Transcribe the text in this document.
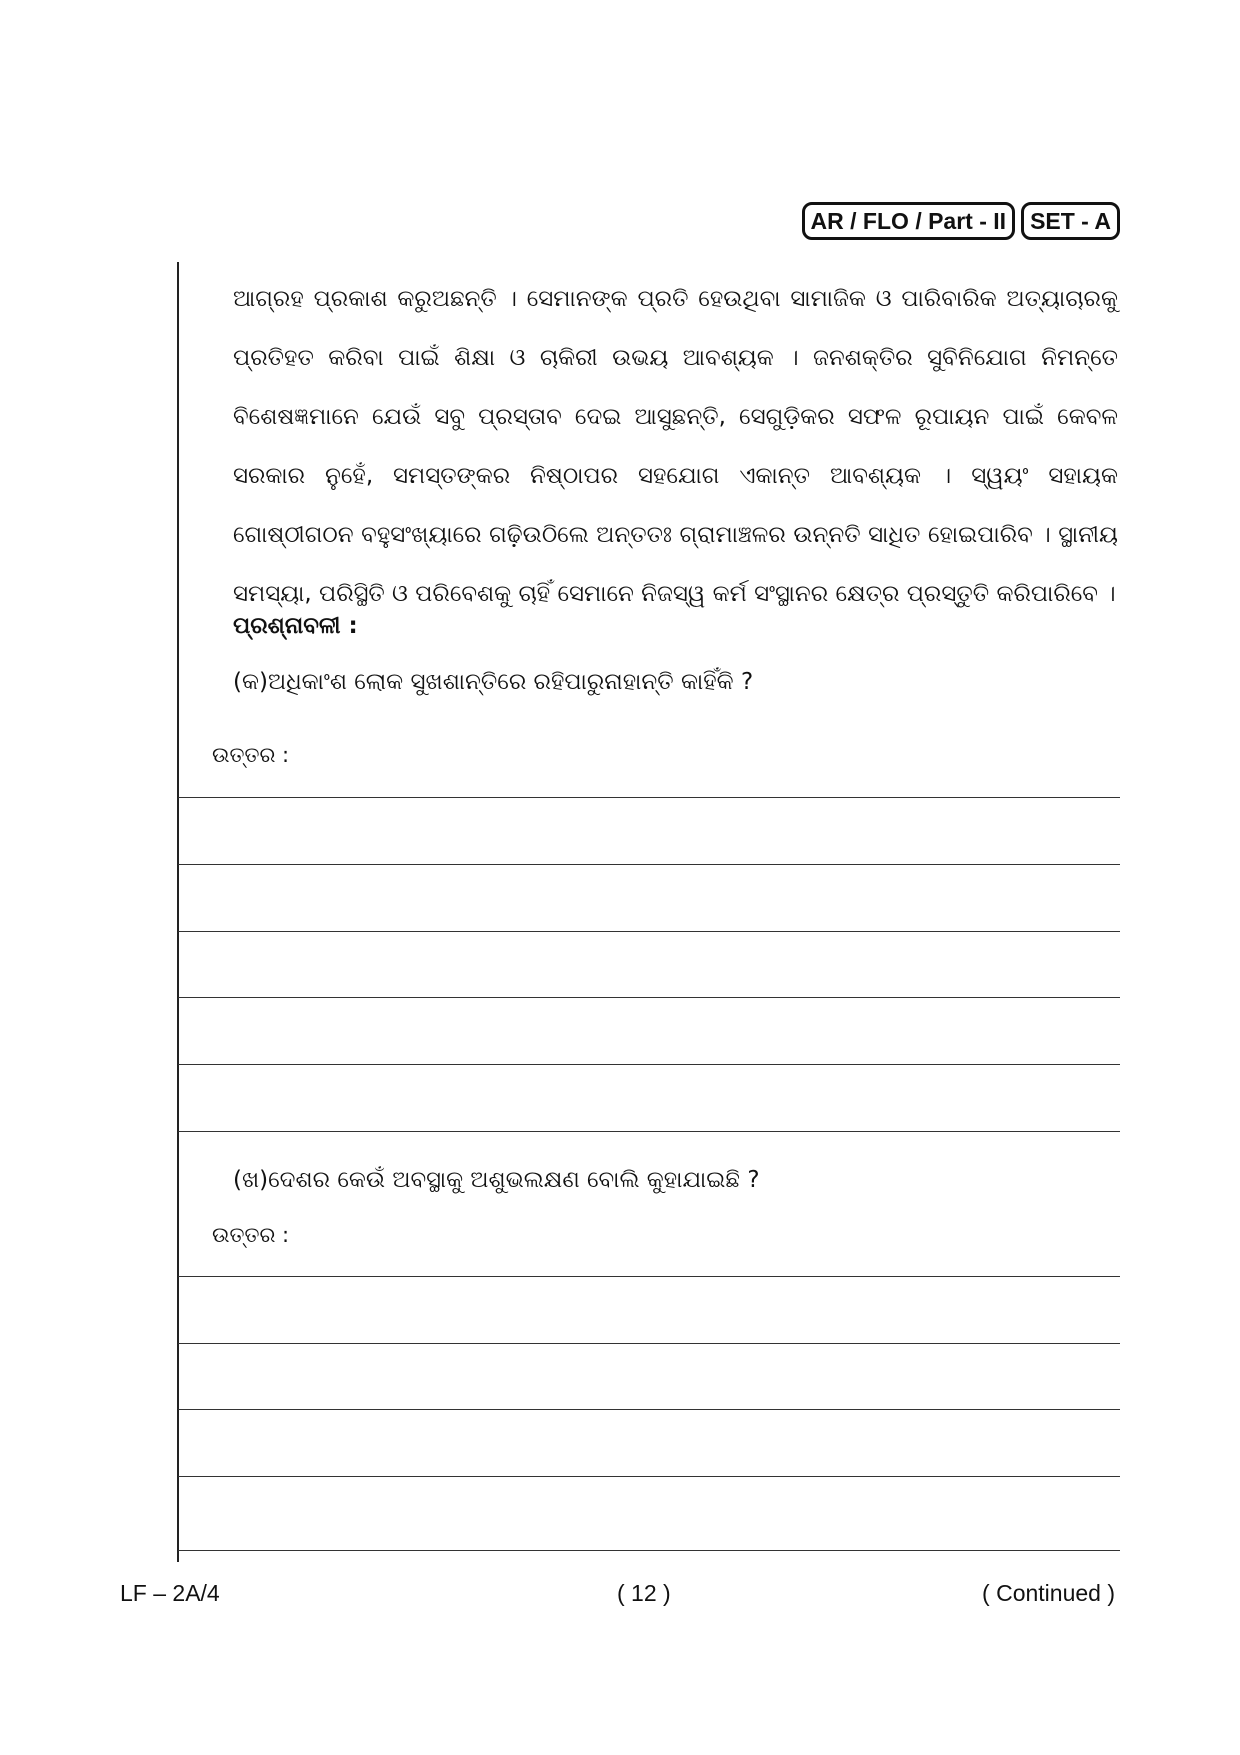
AR / FLO / Part - II	SET - A

ଆଗ୍ରହ ପ୍ରକାଶ କରୁଅଛନ୍ତି । ସେମାନଙ୍କ ପ୍ରତି ହେଉଥିବା ସାମାଜିକ ଓ ପାରିବାରିକ ଅତ୍ୟାଚାରକୁ ପ୍ରତିହତ କରିବା ପାଇଁ ଶିକ୍ଷା ଓ ଚାକିରୀ ଉଭୟ ଆବଶ୍ୟକ । ଜନଶକ୍ତିର ସୁବିନିଯୋଗ ନିମନ୍ତେ ବିଶେଷଜ୍ଞମାନେ ଯେଉଁ ସବୁ ପ୍ରସ୍ତାବ ଦେଇ ଆସୁଛନ୍ତି, ସେଗୁଡ଼ିକର ସଫଳ ରୂପାୟନ ପାଇଁ କେବଳ ସରକାର ନୁହେଁ, ସମସ୍ତଙ୍କର ନିଷ୍ଠାପର ସହଯୋଗ ଏକାନ୍ତ ଆବଶ୍ୟକ । ସ୍ୱୟଂ ସହାୟକ ଗୋଷ୍ଠୀଗଠନ ବହୁସଂଖ୍ୟାରେ ଗଢ଼ିଉଠିଲେ ଅନ୍ତତଃ ଗ୍ରାମାଞ୍ଚଳର ଉନ୍ନତି ସାଧିତ ହୋଇପାରିବ । ସ୍ଥାନୀୟ ସମସ୍ୟା, ପରିସ୍ଥିତି ଓ ପରିବେଶକୁ ଚାହିଁ ସେମାନେ ନିଜସ୍ୱ କର୍ମ ସଂସ୍ଥାନର କ୍ଷେତ୍ର ପ୍ରସ୍ତୁତି କରିପାରିବେ ।

ପ୍ରଶ୍ନାବଳୀ :
(କ)ଅଧିକାଂଶ ଲୋକ ସୁଖଶାନ୍ତିରେ ରହିପାରୁନାହାନ୍ତି କାହିଁକି ?
ଉତ୍ତର :
(ଖ)ଦେଶର କେଉଁ ଅବସ୍ଥାକୁ ଅଶୁଭଲକ୍ଷଣ ବୋଲି କୁହାଯାଇଛି ?
ଉତ୍ତର :
LF – 2A/4	( 12 )	( Continued )
